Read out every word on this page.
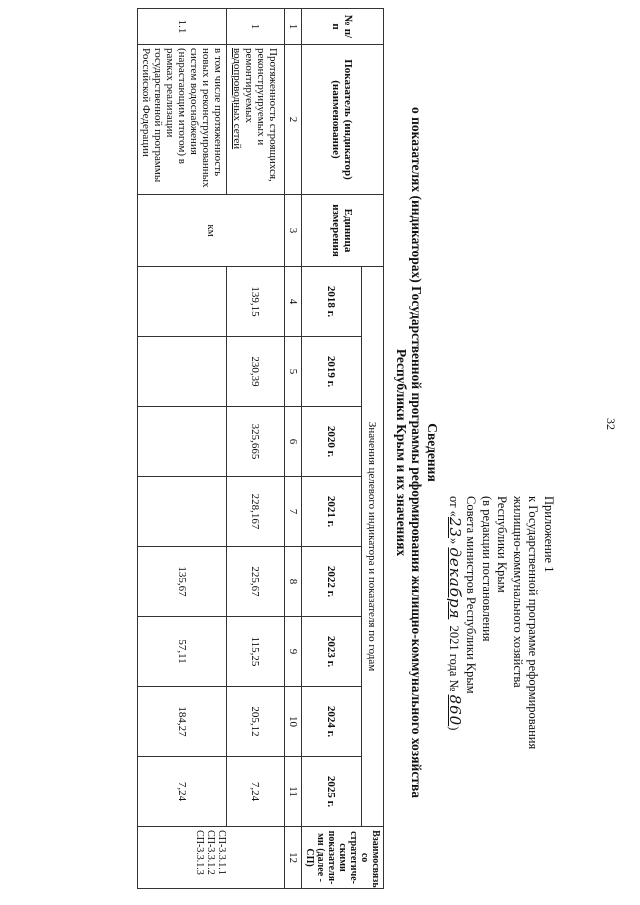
32
Приложение 1
к Государственной программе реформирования
жилищно-коммунального хозяйства
Республики Крым
(в редакции постановления
Совета министров Республики Крым
от «23» декабря  2021 года № 860)
Сведения
о показателях (индикаторах) Государственной программы реформирования жилищно-коммунального хозяйства
Республики Крым и их значениях
№ п/п	Показатель (индикатор) (наименование)	Единица измерения	Значения целевого индикатора и показателя по годам								Взаимосвязь со стратегиче-скими показателя-ми (далее - СП)
			2018 г.	2019 г.	2020 г.	2021 г.	2022 г.	2023 г.	2024 г.	2025 г.	
1	2	3	4	5	6	7	8	9	10	11	12
1	Протяженность строящихся, реконструируемых и ремонтируемых водопроводных сетей	км	139,15	230,39	325,665	228,167	225,67	115,25	205,12	7,24	СП-3.3.1.1
СП-3.3.1.2
СП-3.3.1.3

1.1	в том числе протяженность новых и реконструированных систем водоснабжения (нарастающим итогом) в рамках реализации государственной программы Российской Федерации						135,67	57,11	184,27	7,24	
